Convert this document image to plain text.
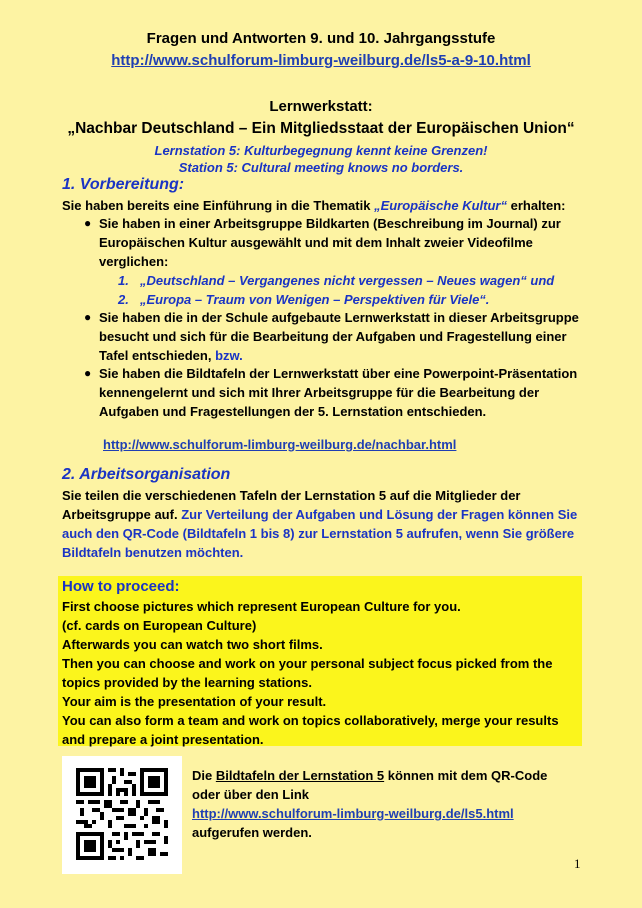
Fragen und Antworten 9. und 10. Jahrgangsstufe
http://www.schulforum-limburg-weilburg.de/ls5-a-9-10.html
Lernwerkstatt:
„Nachbar Deutschland – Ein Mitgliedsstaat der Europäischen Union“
Lernstation 5: Kulturbegegnung kennt keine Grenzen!
Station 5: Cultural meeting knows no borders.
1. Vorbereitung:
Sie haben bereits eine Einführung in die Thematik „Europäische Kultur“ erhalten:
● Sie haben in einer Arbeitsgruppe Bildkarten (Beschreibung im Journal) zur Europäischen Kultur ausgewählt und mit dem Inhalt zweier Videofilme verglichen:
1. „Deutschland – Vergangenes nicht vergessen – Neues wagen“ und
2. „Europa – Traum von Wenigen – Perspektiven für Viele“.
● Sie haben die in der Schule aufgebaute Lernwerkstatt in dieser Arbeitsgruppe besucht und sich für die Bearbeitung der Aufgaben und Fragestellung einer Tafel entschieden, bzw.
● Sie haben die Bildtafeln der Lernwerkstatt über eine Powerpoint-Präsentation kennengelernt und sich mit Ihrer Arbeitsgruppe für die Bearbeitung der Aufgaben und Fragestellungen der 5. Lernstation entschieden.
http://www.schulforum-limburg-weilburg.de/nachbar.html
2. Arbeitsorganisation
Sie teilen die verschiedenen Tafeln der Lernstation 5 auf die Mitglieder der Arbeitsgruppe auf. Zur Verteilung der Aufgaben und Lösung der Fragen können Sie auch den QR-Code (Bildtafeln 1 bis 8) zur Lernstation 5 aufrufen, wenn Sie größere Bildtafeln benutzen möchten.
How to proceed:
First choose pictures which represent European Culture for you.
(cf. cards on European Culture)
Afterwards you can watch two short films.
Then you can choose and work on your personal subject focus picked from the topics provided by the learning stations.
Your aim is the presentation of your result.
You can also form a team and work on topics collaboratively, merge your results and prepare a joint presentation.
Die Bildtafeln der Lernstation 5 können mit dem QR-Code oder über den Link
http://www.schulforum-limburg-weilburg.de/ls5.html
aufgerufen werden.
1
